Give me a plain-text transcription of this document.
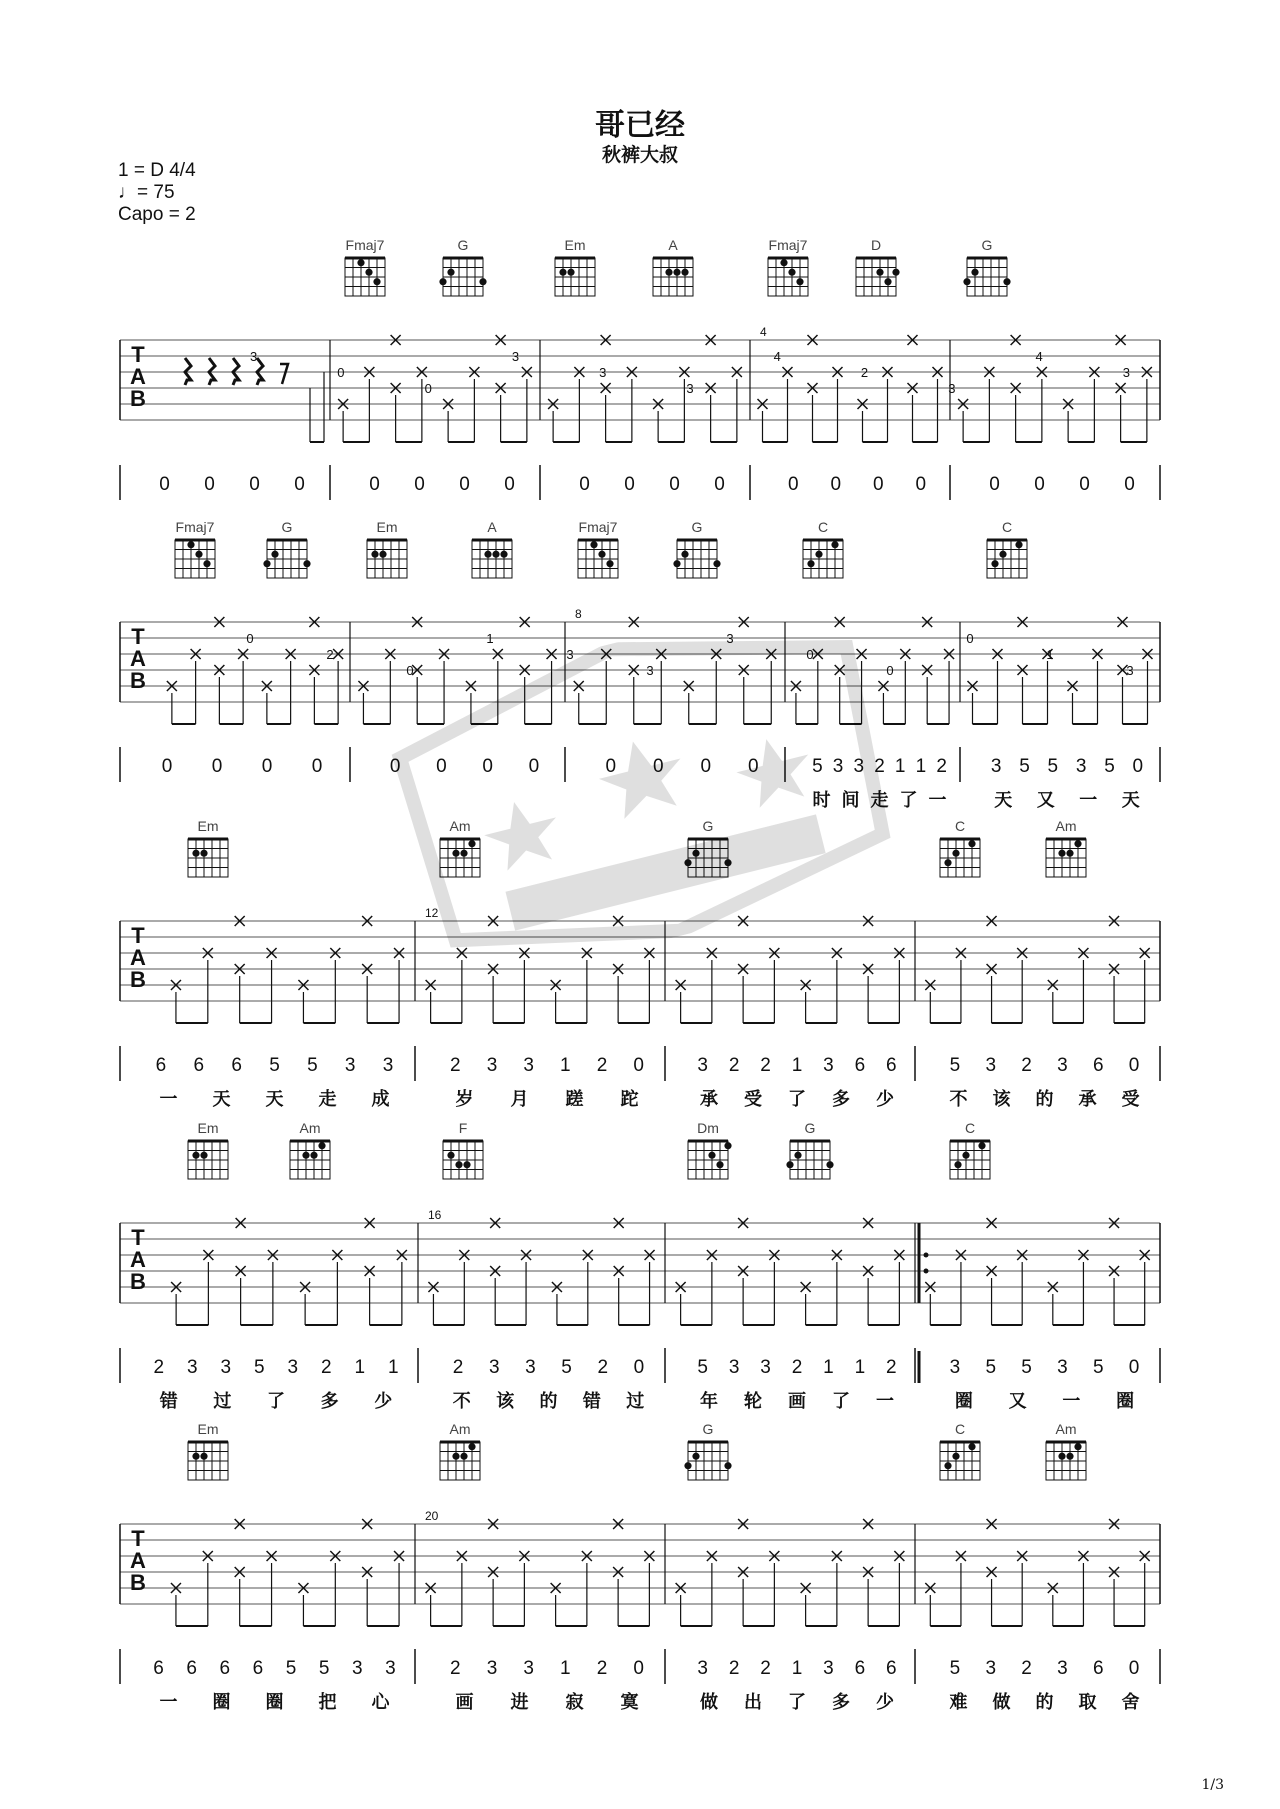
哥已经
秋裤大叔
1 = D 4/4
♩= 75
Capo = 2
Fmaj7	G	Em	A	Fmaj7	D	G
T
A
B
0 0 0 0	0 0 0 0	0 0 0 0
4
0 0 0 0	0 0 0 0
3
0
0
3
3
3
4
2
3
4
3
Fmaj7	G	Em	A	Fmaj7	G	C	C
T
A
B
0 0 0 0	0 0 0 0
8
0 0 0 0	5 3 3 2 1 1 2
时 间 走 了 一
3 5 5 3 5 0
天 又 一 天
0
2
0
1
3
3
3
0
0
0
1
3
Em	Am	G	C	Am
T
A
B
6 6 6 5 5 3 3
一 天 天 走 成
12
2 3 3 1 2 0
岁 月 蹉 跎
3 2 2 1 3 6 6
承 受 了 多 少
5 3 2 3 6 0
不 该 的 承 受
Em	Am	F	Dm	G	C
T
A
B
2 3 3 5 3 2 1 1
错 过 了 多 少
16
2 3 3 5 2 0
不 该 的 错 过
5 3 3 2 1 1 2
年 轮 画 了 一
3 5 5 3 5 0
圈 又 一 圈
Em	Am	G	C	Am
T
A
B
6 6 6 6 5 5 3 3
一 圈 圈 把 心
20
2 3 3 1 2 0
画 进 寂 寞
3 2 2 1 3 6 6
做 出 了 多 少
5 3 2 3 6 0
难 做 的 取 舍
1/3
